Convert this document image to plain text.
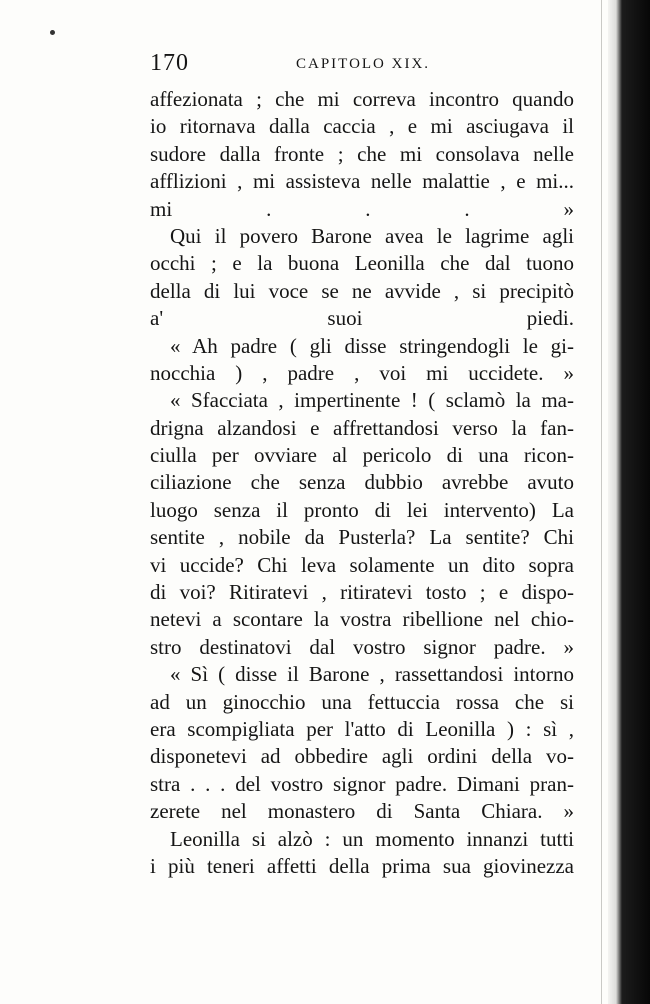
170	CAPITOLO XIX.
affezionata ; che mi correva incontro quando
io ritornava dalla caccia , e mi asciugava il
sudore dalla fronte ; che mi consolava nelle
afflizioni , mi assisteva nelle malattie , e mi...
mi . . . »
Qui il povero Barone avea le lagrime agli
occhi ; e la buona Leonilla che dal tuono
della di lui voce se ne avvide , si precipitò
a' suoi piedi.
« Ah padre ( gli disse stringendogli le gi-
nocchia ) , padre , voi mi uccidete. »
« Sfacciata , impertinente ! ( sclamò la ma-
drigna alzandosi e affrettandosi verso la fan-
ciulla per ovviare al pericolo di una ricon-
ciliazione che senza dubbio avrebbe avuto
luogo senza il pronto di lei intervento) La
sentite , nobile da Pusterla? La sentite? Chi
vi uccide? Chi leva solamente un dito sopra
di voi? Ritiratevi , ritiratevi tosto ; e dispo-
netevi a scontare la vostra ribellione nel chio-
stro destinatovi dal vostro signor padre. »
« Sì ( disse il Barone , rassettandosi intorno
ad un ginocchio una fettuccia rossa che si
era scompigliata per l'atto di Leonilla ) : sì ,
disponetevi ad obbedire agli ordini della vo-
stra . . . del vostro signor padre. Dimani pran-
zerete nel monastero di Santa Chiara. »
Leonilla si alzò : un momento innanzi tutti
i più teneri affetti della prima sua giovinezza
